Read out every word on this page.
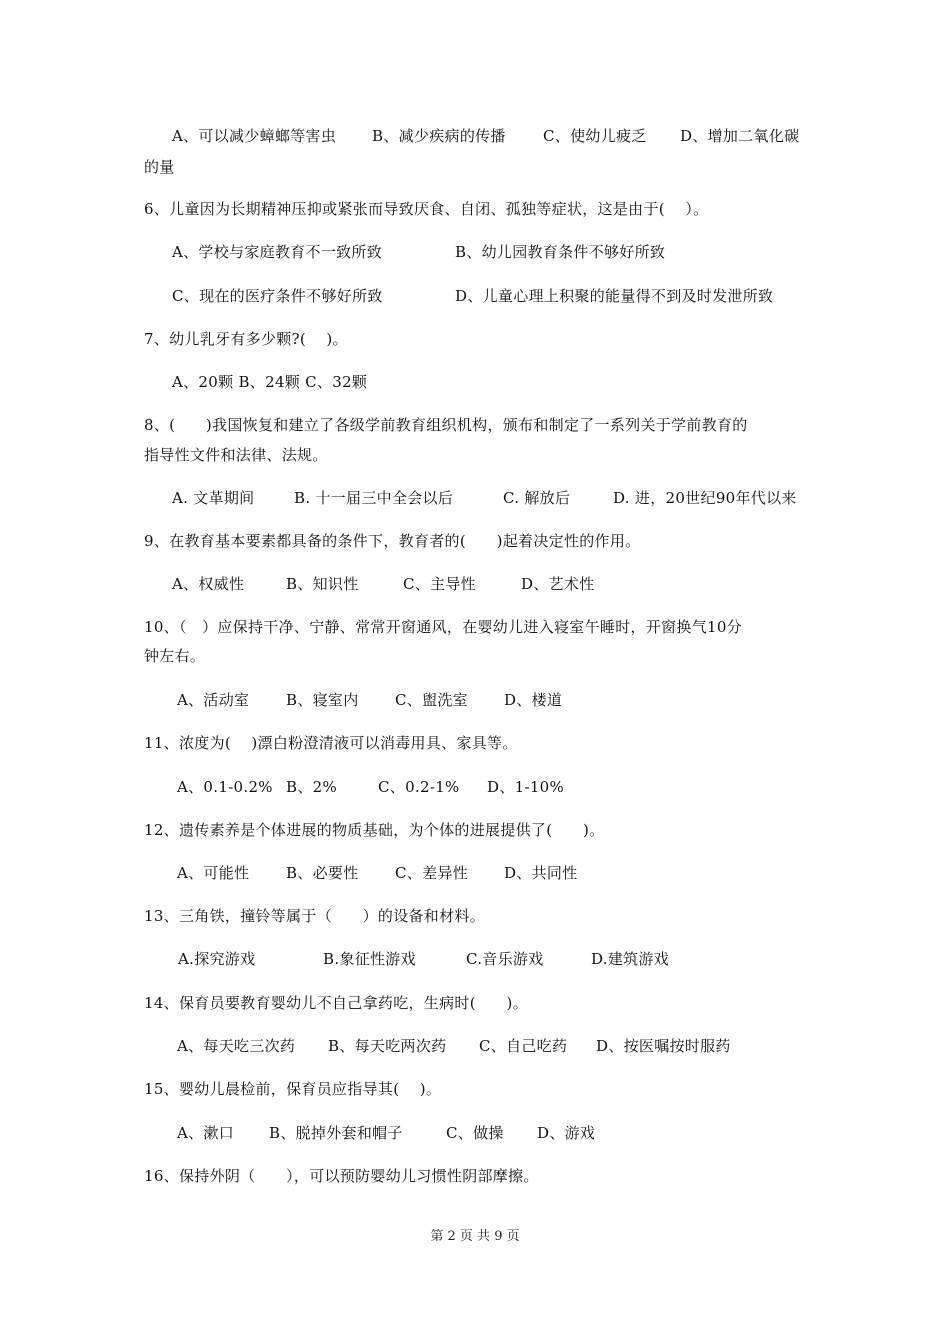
A、可以减少蟑螂等害虫 B、减少疾病的传播 C、使幼儿疲乏 D、增加二氧化碳
的量
6、儿童因为长期精神压抑或紧张而导致厌食、自闭、孤独等症状，这是由于(　 ）。
A、学校与家庭教育不一致所致	B、幼儿园教育条件不够好所致
C、现在的医疗条件不够好所致	D、儿童心理上积聚的能量得不到及时发泄所致
7、幼儿乳牙有多少颗?(　 )。
A、20颗 B、24颗 C、32颗
8、(　　)我国恢复和建立了各级学前教育组织机构，颁布和制定了一系列关于学前教育的
指导性文件和法律、法规。
A. 文革期间	B. 十一届三中全会以后	C. 解放后	D. 进，20世纪90年代以来
9、在教育基本要素都具备的条件下，教育者的(　　)起着决定性的作用。
A、权威性	B、知识性	C、主导性	D、艺术性
10、（　）应保持干净、宁静、常常开窗通风，在婴幼儿进入寝室午睡时，开窗换气10分
钟左右。
A、活动室 B、寝室内 C、盥洗室 D、楼道
11、浓度为(　 )漂白粉澄清液可以消毒用具、家具等。
A、0.1-0.2% B、2%	C、0.2-1% D、1-10%
12、遗传素养是个体进展的物质基础，为个体的进展提供了(　　)。
A、可能性 B、必要性 C、差异性 D、共同性
13、三角铁，撞铃等属于（　　）的设备和材料。
A.探究游戏	B.象征性游戏	C.音乐游戏	D.建筑游戏
14、保育员要教育婴幼儿不自己拿药吃，生病时(　　)。
A、每天吃三次药 B、每天吃两次药 C、自己吃药 D、按医嘱按时服药
15、婴幼儿晨检前，保育员应指导其(　 )。
A、漱口 B、脱掉外套和帽子	C、做操 D、游戏
16、保持外阴（　　），可以预防婴幼儿习惯性阴部摩擦。
第 2 页 共 9 页
